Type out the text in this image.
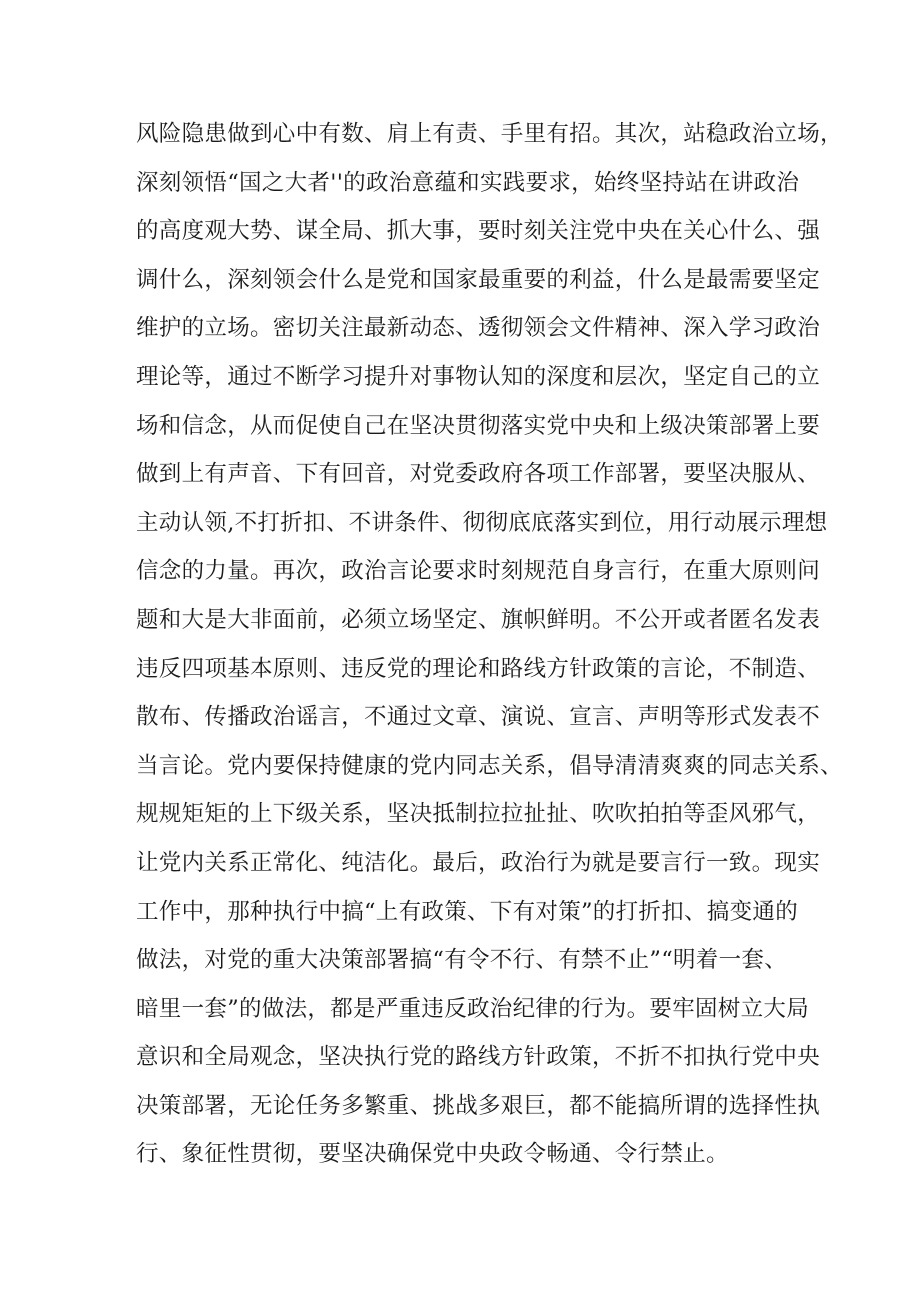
风险隐患做到心中有数、肩上有责、手里有招。其次，站稳政治立场，
深刻领悟“国之大者''的政治意蕴和实践要求，始终坚持站在讲政治
的高度观大势、谋全局、抓大事，要时刻关注党中央在关心什么、强
调什么，深刻领会什么是党和国家最重要的利益，什么是最需要坚定
维护的立场。密切关注最新动态、透彻领会文件精神、深入学习政治
理论等，通过不断学习提升对事物认知的深度和层次，坚定自己的立
场和信念，从而促使自己在坚决贯彻落实党中央和上级决策部署上要
做到上有声音、下有回音，对党委政府各项工作部署，要坚决服从、
主动认领,不打折扣、不讲条件、彻彻底底落实到位，用行动展示理想
信念的力量。再次，政治言论要求时刻规范自身言行，在重大原则问
题和大是大非面前，必须立场坚定、旗帜鲜明。不公开或者匿名发表
违反四项基本原则、违反党的理论和路线方针政策的言论，不制造、
散布、传播政治谣言，不通过文章、演说、宣言、声明等形式发表不
当言论。党内要保持健康的党内同志关系，倡导清清爽爽的同志关系、
规规矩矩的上下级关系，坚决抵制拉拉扯扯、吹吹拍拍等歪风邪气，
让党内关系正常化、纯洁化。最后，政治行为就是要言行一致。现实
工作中，那种执行中搞“上有政策、下有对策”的打折扣、搞变通的
做法，对党的重大决策部署搞“有令不行、有禁不止”“明着一套、
暗里一套”的做法，都是严重违反政治纪律的行为。要牢固树立大局
意识和全局观念，坚决执行党的路线方针政策，不折不扣执行党中央
决策部署，无论任务多繁重、挑战多艰巨，都不能搞所谓的选择性执
行、象征性贯彻，要坚决确保党中央政令畅通、令行禁止。
